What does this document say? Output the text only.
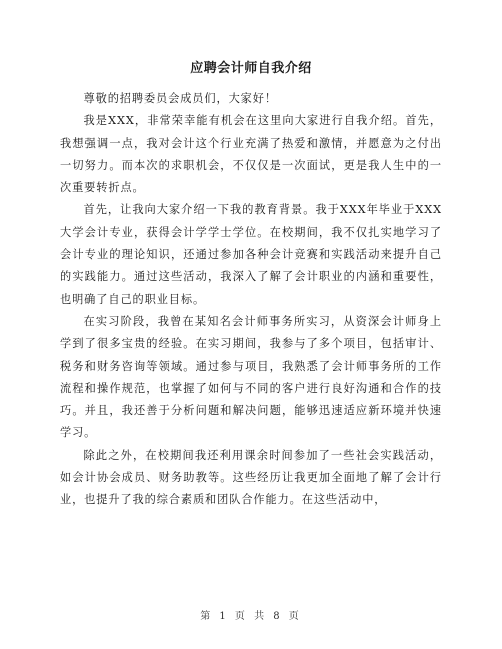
应聘会计师自我介绍

尊敬的招聘委员会成员们，大家好！

我是XXX，非常荣幸能有机会在这里向大家进行自我介绍。首先，我想强调一点，我对会计这个行业充满了热爱和激情，并愿意为之付出一切努力。而本次的求职机会，不仅仅是一次面试，更是我人生中的一次重要转折点。

首先，让我向大家介绍一下我的教育背景。我于XXX年毕业于XXX大学会计专业，获得会计学学士学位。在校期间，我不仅扎实地学习了会计专业的理论知识，还通过参加各种会计竞赛和实践活动来提升自己的实践能力。通过这些活动，我深入了解了会计职业的内涵和重要性，也明确了自己的职业目标。

在实习阶段，我曾在某知名会计师事务所实习，从资深会计师身上学到了很多宝贵的经验。在实习期间，我参与了多个项目，包括审计、税务和财务咨询等领域。通过参与项目，我熟悉了会计师事务所的工作流程和操作规范，也掌握了如何与不同的客户进行良好沟通和合作的技巧。并且，我还善于分析问题和解决问题，能够迅速适应新环境并快速学习。

除此之外，在校期间我还利用课余时间参加了一些社会实践活动，如会计协会成员、财务助教等。这些经历让我更加全面地了解了会计行业，也提升了我的综合素质和团队合作能力。在这些活动中，

第 1 页 共 8 页
